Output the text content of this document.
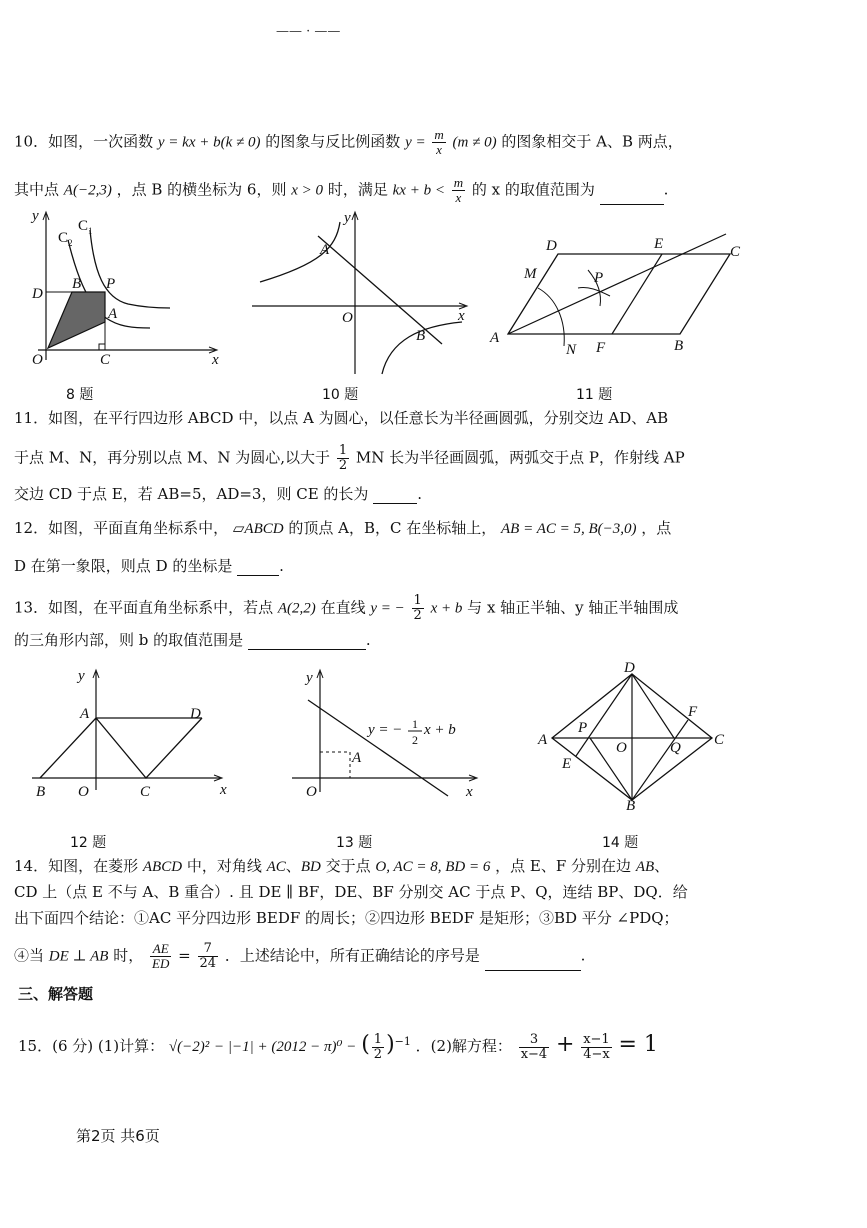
—— · ——
10．如图，一次函数 y = kx + b(k ≠ 0) 的图象与反比例函数 $y = \frac{m}{x} (m \ne 0)$ 的图象相交于 A、B 两点，
其中点 A(−2,3) ，点 B 的横坐标为 6，则 x > 0 时，满足 kx + $b < \frac{m}{x}$ 的 x 的取值范围为	.
y
C 1
C 2
B P
D
A
O	C	x
8 题
y
A
O	x
B
10 题
D	E	C
M	P
A
N F	B
11 题
11．如图，在平行四边形 ABCD 中，以点 A 为圆心，以任意长为半径画圆弧，分别交边 AD、AB
于点 M、N，再分别以点 M、N 为圆心,以大于 $\frac{1}{2}$ MN 长为半径画圆弧，两弧交于点 P，作射线 AP
交边 CD 于点 E，若 AB=5，AD=3，则 CE 的长为	.
12．如图，平面直角坐标系中， ▱ABCD 的顶点 A，B，C 在坐标轴上， AB = AC = 5, B(−3,0) ，点
D 在第一象限，则点 D 的坐标是	.
13．如图，在平面直角坐标系中，若点 A(2,2) 在直线 y = − $\frac{1}{2}$ x + b 与 x 轴正半轴、y 轴正半轴围成
的三角形内部，则 b 的取值范围是	.
y
A	D
B O	C	x
12 题
y
y = − 1
2
x + b
A
O	x
13 题
D
F
A
P
O	Q C
E
B
14 题
14．知图，在菱形 ABCD 中，对角线 AC、BD 交于点 O, AC = 8, BD = 6 ，点 E、F 分别在边 AB、
CD 上（点 E 不与 A、B 重合）. 且 DE ∥ BF，DE、BF 分别交 AC 于点 P、Q，连结 BP、DQ．给
出下面四个结论：①AC 平分四边形 BEDF 的周长；②四边形 BEDF 是矩形；③BD 平分 ∠PDQ；
④当 DE ⊥ AB 时， $\frac{AE}{ED} = \frac{7}{24}$ ．上述结论中，所有正确结论的序号是	.
三、解答题
15．(6 分) (1)计算： √(−2)² − |−1| + (2012 − π)⁰ − ( $\frac{1}{2} )^{-1}$ ．(2)解方程： $\frac{3}{x-4} + \frac{x-1}{4-x} = 1$
第2页 共6页
